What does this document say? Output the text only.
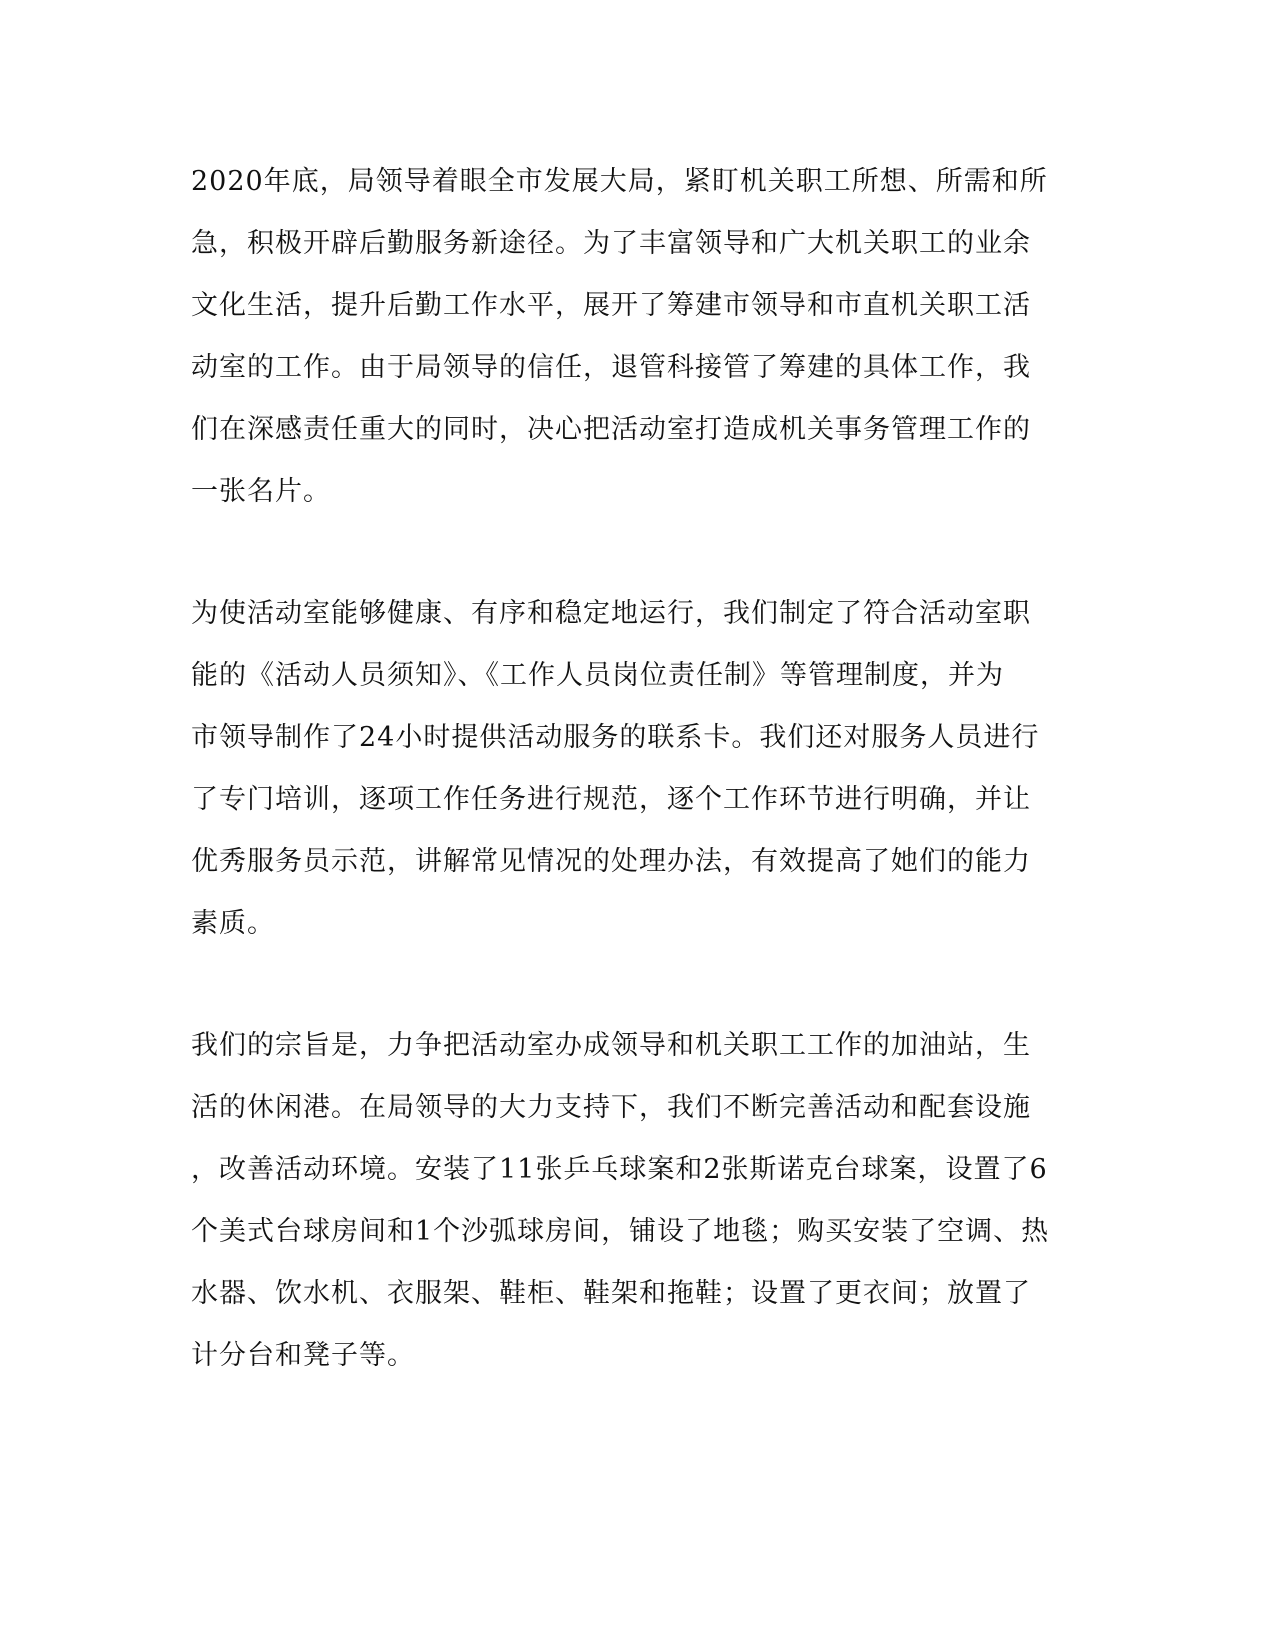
2020年底，局领导着眼全市发展大局，紧盯机关职工所想、所需和所
急，积极开辟后勤服务新途径。为了丰富领导和广大机关职工的业余
文化生活，提升后勤工作水平，展开了筹建市领导和市直机关职工活
动室的工作。由于局领导的信任，退管科接管了筹建的具体工作，我
们在深感责任重大的同时，决心把活动室打造成机关事务管理工作的
一张名片。
为使活动室能够健康、有序和稳定地运行，我们制定了符合活动室职
能的《活动人员须知》、《工作人员岗位责任制》等管理制度，并为
市领导制作了24小时提供活动服务的联系卡。我们还对服务人员进行
了专门培训，逐项工作任务进行规范，逐个工作环节进行明确，并让
优秀服务员示范，讲解常见情况的处理办法，有效提高了她们的能力
素质。
我们的宗旨是，力争把活动室办成领导和机关职工工作的加油站，生
活的休闲港。在局领导的大力支持下，我们不断完善活动和配套设施
，改善活动环境。安装了11张乒乓球案和2张斯诺克台球案，设置了6
个美式台球房间和1个沙弧球房间，铺设了地毯；购买安装了空调、热
水器、饮水机、衣服架、鞋柜、鞋架和拖鞋；设置了更衣间；放置了
计分台和凳子等。
